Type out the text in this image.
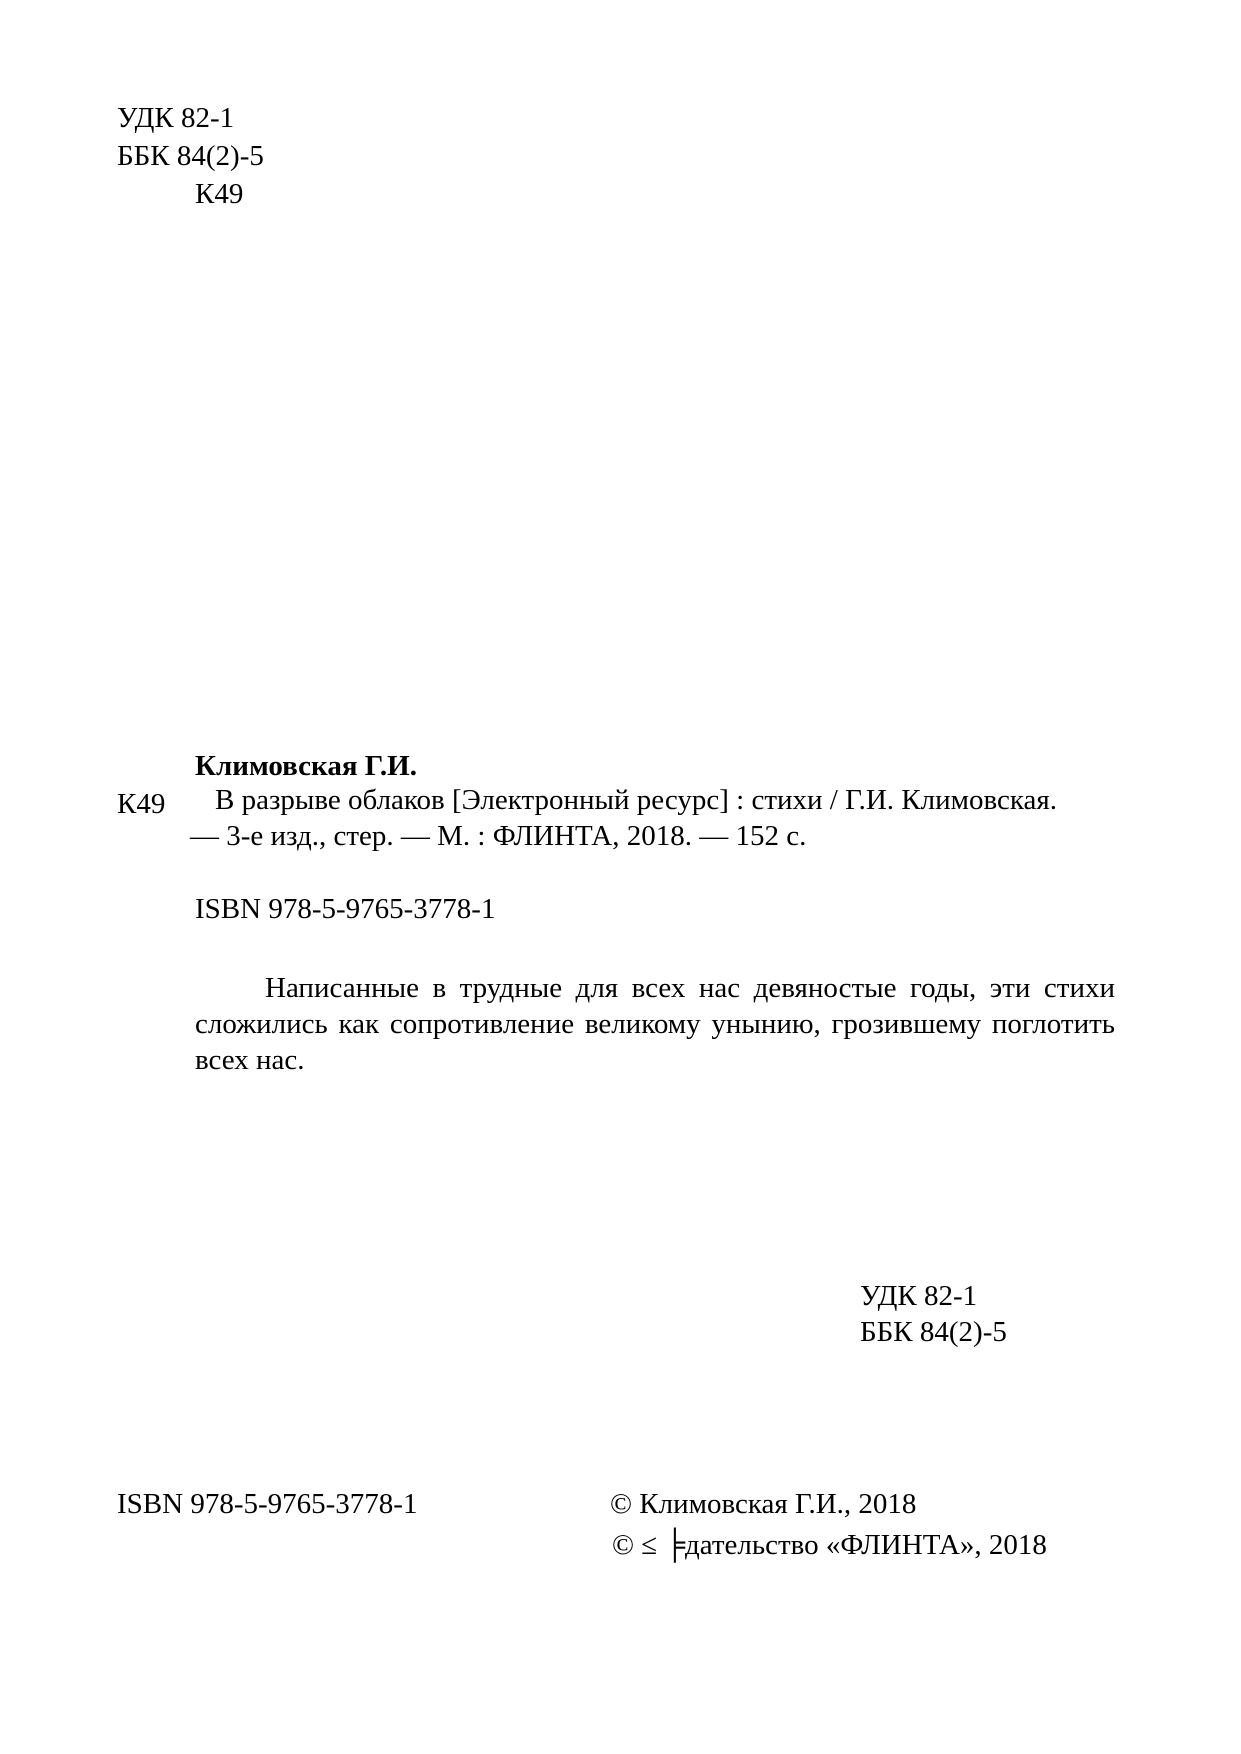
УДК 82-1
ББК 84(2)-5
К49
Климовская Г.И.
К49 В разрыве облаков [Электронный ресурс] : стихи / Г.И. Климовская.
— 3-е изд., стер. — М. : ФЛИНТА, 2018. — 152 с.
ISBN 978-5-9765-3778-1

Написанные в трудные для всех нас девяностые годы, эти стихи сложились как сопротивление великому унынию, грозившему поглотить всех нас.

УДК 82-1
ББК 84(2)-5
ISBN 978-5-9765-3778-1	© Климовская Г.И., 2018
© ≤ ╞дательство «ФЛИНТА», 2018
